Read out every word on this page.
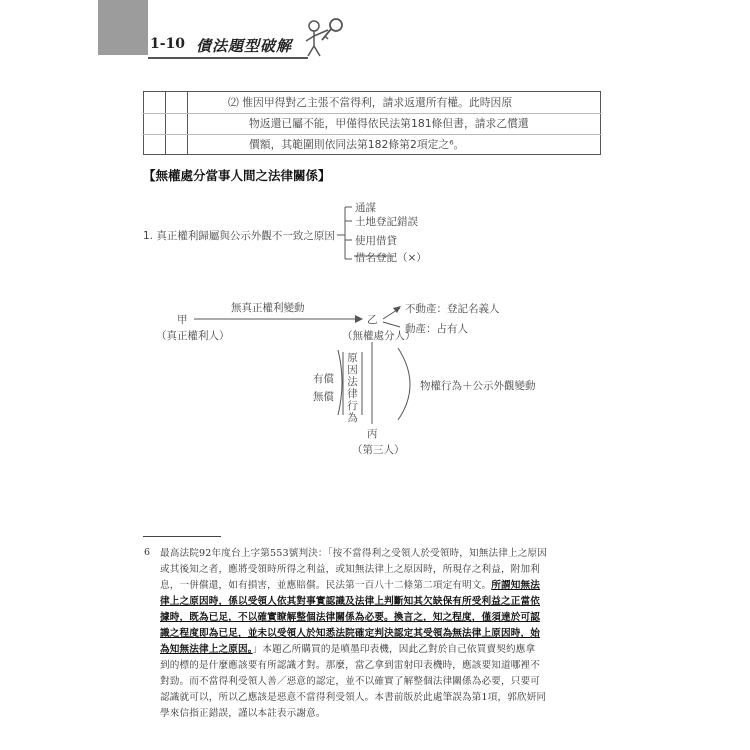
1-10 債法題型破解
⑵ 惟因甲得對乙主張不當得利，請求返還所有權。此時因原
物返還已屬不能，甲僅得依民法第181條但書，請求乙償還
價額，其範圍則依同法第182條第2項定之⁶。
【無權處分當事人間之法律關係】
1. 真正權利歸屬與公示外觀不一致之原因
通謀
土地登記錯誤
使用借貸
借名登記（×）
無真正權利變動
甲
（真正權利人）
乙
（無權處分人）
不動產：登記名義人
動產：占有人
有償
無償
原因法律行為
物權行為＋公示外觀變動
丙
（第三人）
6 最高法院92年度台上字第553號判決：「按不當得利之受領人於受領時，知無法律上之原因
或其後知之者，應將受領時所得之利益，或知無法律上之原因時，所現存之利益，附加利
息，一併償還，如有損害，並應賠償。民法第一百八十二條第二項定有明文。所謂知無法
律上之原因時，係以受領人依其對事實認識及法律上判斷知其欠缺保有所受利益之正當依
據時，既為已足，不以確實瞭解整個法律關係為必要。換言之，知之程度，僅須達於可認
識之程度即為已足，並未以受領人於知悉法院確定判決認定其受領為無法律上原因時，始
為知無法律上之原因。」本題乙所購買的是噴墨印表機，因此乙對於自己依買賣契約應拿
到的標的是什麼應該要有所認識才對。那麼，當乙拿到雷射印表機時，應該要知道哪裡不
對勁。而不當得利受領人善／惡意的認定，並不以確實了解整個法律關係為必要，只要可
認識就可以，所以乙應該是惡意不當得利受領人。本書前版於此處筆誤為第1項，郭欣妍同
學來信指正錯誤，謹以本註表示謝意。
